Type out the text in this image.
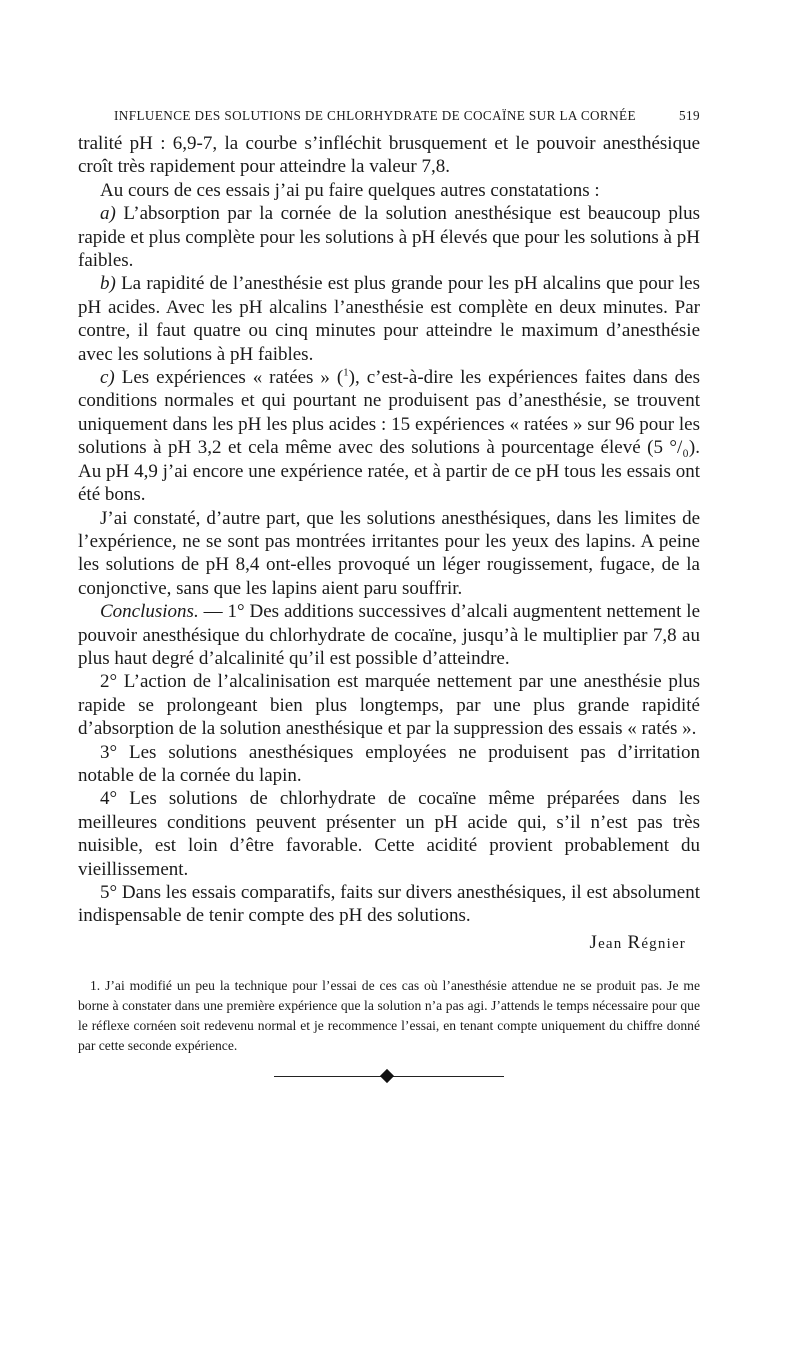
INFLUENCE DES SOLUTIONS DE CHLORHYDRATE DE COCAÏNE SUR LA CORNÉE	519

tralité pH : 6,9-7, la courbe s’infléchit brusquement et le pouvoir anesthésique croît très rapidement pour atteindre la valeur 7,8.

Au cours de ces essais j’ai pu faire quelques autres constatations :

a) L’absorption par la cornée de la solution anesthésique est beaucoup plus rapide et plus complète pour les solutions à pH élevés que pour les solutions à pH faibles.

b) La rapidité de l’anesthésie est plus grande pour les pH alcalins que pour les pH acides. Avec les pH alcalins l’anesthésie est complète en deux minutes. Par contre, il faut quatre ou cinq minutes pour atteindre le maximum d’anesthésie avec les solutions à pH faibles.

c) Les expériences « ratées » ($^1$), c’est-à-dire les expériences faites dans des conditions normales et qui pourtant ne produisent pas d’anesthésie, se trouvent uniquement dans les pH les plus acides : 15 expériences « ratées » sur 96 pour les solutions à pH 3,2 et cela même avec des solutions à pourcentage élevé (5 °/₀). Au pH 4,9 j’ai encore une expérience ratée, et à partir de ce pH tous les essais ont été bons.

J’ai constaté, d’autre part, que les solutions anesthésiques, dans les limites de l’expérience, ne se sont pas montrées irritantes pour les yeux des lapins. A peine les solutions de pH 8,4 ont-elles provoqué un léger rougissement, fugace, de la conjonctive, sans que les lapins aient paru souffrir.

Conclusions. — 1° Des additions successives d’alcali augmentent nettement le pouvoir anesthésique du chlorhydrate de cocaïne, jusqu’à le multiplier par 7,8 au plus haut degré d’alcalinité qu’il est possible d’atteindre.

2° L’action de l’alcalinisation est marquée nettement par une anesthésie plus rapide se prolongeant bien plus longtemps, par une plus grande rapidité d’absorption de la solution anesthésique et par la suppression des essais « ratés ».

3° Les solutions anesthésiques employées ne produisent pas d’irritation notable de la cornée du lapin.

4° Les solutions de chlorhydrate de cocaïne même préparées dans les meilleures conditions peuvent présenter un pH acide qui, s’il n’est pas très nuisible, est loin d’être favorable. Cette acidité provient probablement du vieillissement.

5° Dans les essais comparatifs, faits sur divers anesthésiques, il est absolument indispensable de tenir compte des pH des solutions.

Jean Régnier

1. J’ai modifié un peu la technique pour l’essai de ces cas où l’anesthésie attendue ne se produit pas. Je me borne à constater dans une première expérience que la solution n’a pas agi. J’attends le temps nécessaire pour que le réflexe cornéen soit redevenu normal et je recommence l’essai, en tenant compte uniquement du chiffre donné par cette seconde expérience.
